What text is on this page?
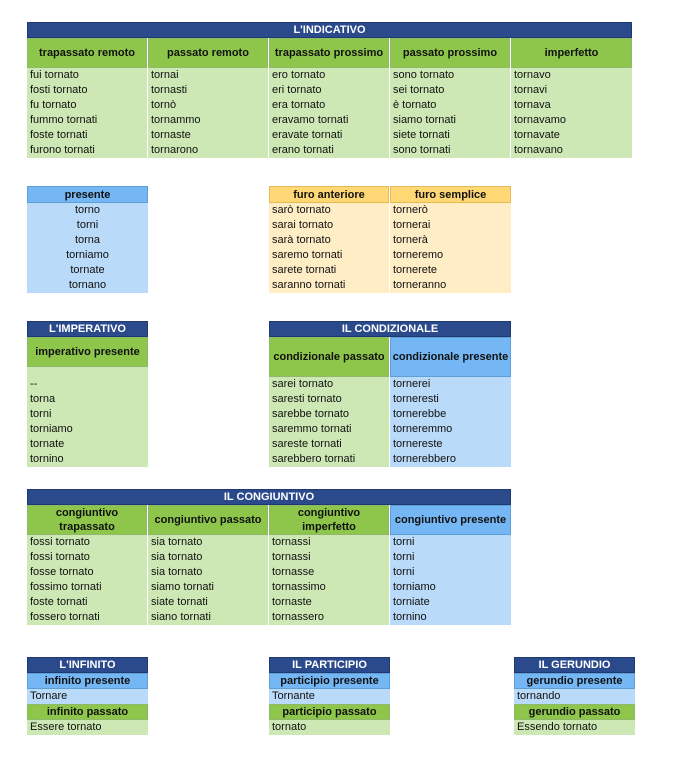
L'INDICATIVO
trapassato remoto
fui tornato
fosti tornato
fu tornato
fummo tornati
foste tornati
furono tornati
passato remoto
tornai
tornasti
tornò
tornammo
tornaste
tornarono
trapassato prossimo
ero tornato
eri tornato
era tornato
eravamo tornati
eravate tornati
erano tornati
passato prossimo
sono tornato
sei tornato
è tornato
siamo tornati
siete tornati
sono tornati
imperfetto
tornavo
tornavi
tornava
tornavamo
tornavate
tornavano
presente
torno
torni
torna
torniamo
tornate
tornano
furo anteriore
sarò tornato
sarai tornato
sarà tornato
saremo tornati
sarete tornati
saranno tornati
furo semplice
tornerò
tornerai
tornerà
torneremo
tornerete
torneranno
L'IMPERATIVO
imperativo presente
--
torna
torni
torniamo
tornate
tornino
IL CONDIZIONALE
condizionale passato
sarei tornato
saresti tornato
sarebbe tornato
saremmo tornati
sareste tornati
sarebbero tornati
condizionale presente
tornerei
torneresti
tornerebbe
torneremmo
tornereste
tornerebbero
IL CONGIUNTIVO
congiuntivo trapassato
fossi tornato
fossi tornato
fosse tornato
fossimo tornati
foste tornati
fossero tornati
congiuntivo passato
sia tornato
sia tornato
sia tornato
siamo tornati
siate tornati
siano tornati
congiuntivo imperfetto
tornassi
tornassi
tornasse
tornassimo
tornaste
tornassero
congiuntivo presente
torni
torni
torni
torniamo
torniate
tornino
L'INFINITO
infinito presente
Tornare
infinito passato
Essere tornato
IL PARTICIPIO
participio presente
Tornante
participio passato
tornato
IL GERUNDIO
gerundio presente
tornando
gerundio passato
Essendo tornato
